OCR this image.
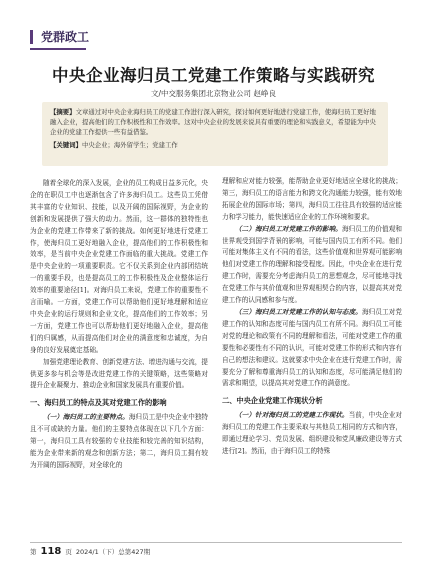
党群政工
中央企业海归员工党建工作策略与实践研究
文/中交服务集团北京物业公司 赵峥良
【摘要】文章通过对中央企业海归员工的党建工作进行深入研究，探讨如何更好地进行党建工作，使海归员工更好地融入企业，提高他们的工作积极性和工作效率。这对中央企业的发展来说具有重要的理论和实践意义，希望能为中央企业的党建工作提供一些有益借鉴。
【关键词】中央企业；海外留学生；党建工作

随着全球化的深入发展，企业的员工构成日益多元化，央企的在职员工中也逐渐包含了许多海归员工。这些员工凭借其丰富的专业知识、技能，以及开阔的国际视野，为企业的创新和发展提供了强大的动力。然而，这一群体的独特性也为企业的党建工作带来了新的挑战。如何更好地进行党建工作，使海归员工更好地融入企业，提高他们的工作积极性和效率，是当前中央企业党建工作面临的重大挑战。党建工作是中央企业的一项重要职责。它不仅关系到企业内部团结统一的重要手段，也是提高员工的工作积极性及企业整体运行效率的重要途径[1]。对海归员工来说，党建工作的重要性不言而喻。一方面，党建工作可以帮助他们更好地理解和适应中央企业的运行规则和企业文化，提高他们的工作效率；另一方面，党建工作也可以帮助他们更好地融入企业，提高他们的归属感，从而提高他们对企业的满意度和忠诚度，为自身的良好发展奠定基础。

加强党建理论教育、创新党建方法、增进沟通与交流，提供更多参与机会等是改进党建工作的关键策略，这些策略对提升企业凝聚力、推动企业和国家发展具有重要价值。

一、海归员工的特点及其对党建工作的影响

（一）海归员工的主要特点。海归员工是中央企业中独特且不可或缺的力量。他们的主要特点体现在以下几个方面：第一，海归员工具有较强的专业技能和较完善的知识结构，能为企业带来新的观念和创新方法；第二，海归员工拥有较为开阔的国际视野，对全球化的

理解和应对能力较强，能帮助企业更好地适应全球化的挑战；第三，海归员工的语言能力和跨文化沟通能力较强，能有效地拓展企业的国际市场；第四，海归员工往往具有较强的适应能力和学习能力，能快速适应企业的工作环境和要求。

（二）海归员工对党建工作的影响。海归员工的价值观和世界观受到国学背景的影响，可能与国内员工有所不同。他们可能对集体主义有不同的看法，这些价值观和世界观可能影响他们对党建工作的理解和接受程度。因此，中央企业在进行党建工作时，需要充分考虑海归员工的思想观念，尽可能地寻找在党建工作与其价值观和世界观相契合的内容，以提高其对党建工作的认同感和参与度。

（三）海归员工对党建工作的认知与态度。海归员工对党建工作的认知和态度可能与国内员工有所不同。海归员工可能对党的理论和政策有不同的理解和看法，可能对党建工作的重要性和必要性有不同的认识，可能对党建工作的形式和内容有自己的想法和建议。这就要求中央企业在进行党建工作时，需要充分了解和尊重海归员工的认知和态度，尽可能满足他们的需求和期望，以提高其对党建工作的满意度。

二、中央企业党建工作现状分析

（一）针对海归员工的党建工作现状。当前，中央企业对海归员工的党建工作主要采取与其他员工相同的方式和内容，即通过理论学习、党员发展、组织建设和党风廉政建设等方式进行[2]。然而，由于海归员工的特殊

第 118 页 2024/1（下）总第427期
